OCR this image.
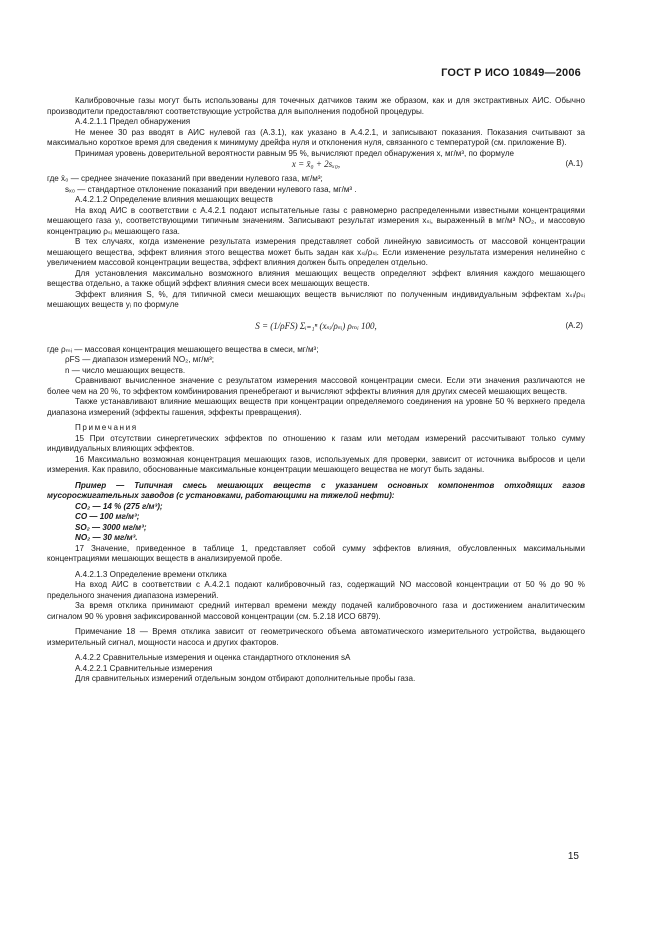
ГОСТ Р ИСО 10849—2006

Калибровочные газы могут быть использованы для точечных датчиков таким же образом, как и для экстрактивных АИС. Обычно производители предоставляют соответствующие устройства для выполнения подобной процедуры.

А.4.2.1.1 Предел обнаружения

Не менее 30 раз вводят в АИС нулевой газ (А.3.1), как указано в А.4.2.1, и записывают показания. Показания считывают за максимально короткое время для сведения к минимуму дрейфа нуля и отклонения нуля, связанного с температурой (см. приложение В).

Принимая уровень доверительной вероятности равным 95 %, вычисляют предел обнаружения x, мг/м³, по формуле

x = x̄₀ + 2sₓ₀,	(А.1)

где x̄₀ — среднее значение показаний при введении нулевого газа, мг/м³;

sₓ₀ — стандартное отклонение показаний при введении нулевого газа, мг/м³ .

А.4.2.1.2 Определение влияния мешающих веществ

На вход АИС в соответствии с А.4.2.1 подают испытательные газы с равномерно распределенными известными концентрациями мешающего газа yᵢ, соответствующими типичным значениям. Записывают результат измерения xₛᵢ, выраженный в мг/м³ NO₂, и массовую концентрацию ρₛᵢ мешающего газа.

В тех случаях, когда изменение результата измерения представляет собой линейную зависимость от массовой концентрации мешающего вещества, эффект влияния этого вещества может быть задан как xₛᵢ/ρₛᵢ. Если изменение результата измерения нелинейно с увеличением массовой концентрации вещества, эффект влияния должен быть определен отдельно.

Для установления максимально возможного влияния мешающих веществ определяют эффект влияния каждого мешающего вещества отдельно, а также общий эффект влияния смеси всех мешающих веществ.

Эффект влияния S, %, для типичной смеси мешающих веществ вычисляют по полученным индивидуальным эффектам xₛᵢ/ρₛᵢ мешающих веществ yᵢ по формуле

S = (1/ρFS) Σᵢ₌₁ⁿ (xₛᵢ/ρₛᵢ) ρₘᵢ 100,	(А.2)

где ρₘᵢ — массовая концентрация мешающего вещества в смеси, мг/м³;

ρFS — диапазон измерений NO₂, мг/м³;

n — число мешающих веществ.

Сравнивают вычисленное значение с результатом измерения массовой концентрации смеси. Если эти значения различаются не более чем на 20 %, то эффектом комбинирования пренебрегают и вычисляют эффекты влияния для других смесей мешающих веществ.

Также устанавливают влияние мешающих веществ при концентрации определяемого соединения на уровне 50 % верхнего предела диапазона измерений (эффекты гашения, эффекты превращения).

Примечания

15 При отсутствии синергетических эффектов по отношению к газам или методам измерений рассчитывают только сумму индивидуальных влияющих эффектов.

16 Максимально возможная концентрация мешающих газов, используемых для проверки, зависит от источника выбросов и цели измерения. Как правило, обоснованные максимальные концентрации мешающего вещества не могут быть заданы.

Пример — Типичная смесь мешающих веществ с указанием основных компонентов отходящих газов мусоросжигательных заводов (с установками, работающими на тяжелой нефти):

CO₂ — 14 % (275 г/м³);

CO — 100 мг/м³;

SO₂ — 3000 мг/м³;

NO₂ — 30 мг/м³.

17 Значение, приведенное в таблице 1, представляет собой сумму эффектов влияния, обусловленных максимальными концентрациями мешающих веществ в анализируемой пробе.

А.4.2.1.3 Определение времени отклика

На вход АИС в соответствии с А.4.2.1 подают калибровочный газ, содержащий NO массовой концентрации от 50 % до 90 % предельного значения диапазона измерений.

За время отклика принимают средний интервал времени между подачей калибровочного газа и достижением аналитическим сигналом 90 % уровня зафиксированной массовой концентрации (см. 5.2.18 ИСО 6879).

Примечание 18 — Время отклика зависит от геометрического объема автоматического измерительного устройства, выдающего измерительный сигнал, мощности насоса и других факторов.

А.4.2.2 Сравнительные измерения и оценка стандартного отклонения sA

А.4.2.2.1 Сравнительные измерения

Для сравнительных измерений отдельным зондом отбирают дополнительные пробы газа.

15
